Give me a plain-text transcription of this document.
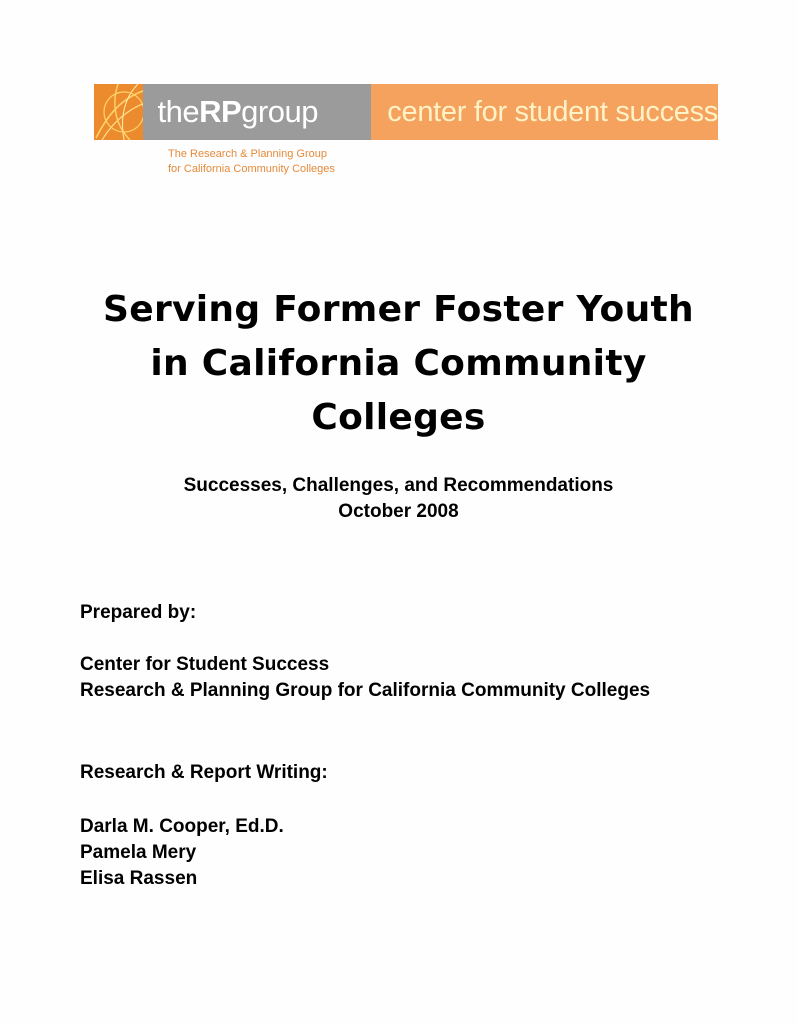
the RP group	center for student success
The Research & Planning Group
for California Community Colleges
Serving Former Foster Youth
in California Community
Colleges
Successes, Challenges, and Recommendations
October 2008
Prepared by:
Center for Student Success
Research & Planning Group for California Community Colleges
Research & Report Writing:
Darla M. Cooper, Ed.D.
Pamela Mery
Elisa Rassen
